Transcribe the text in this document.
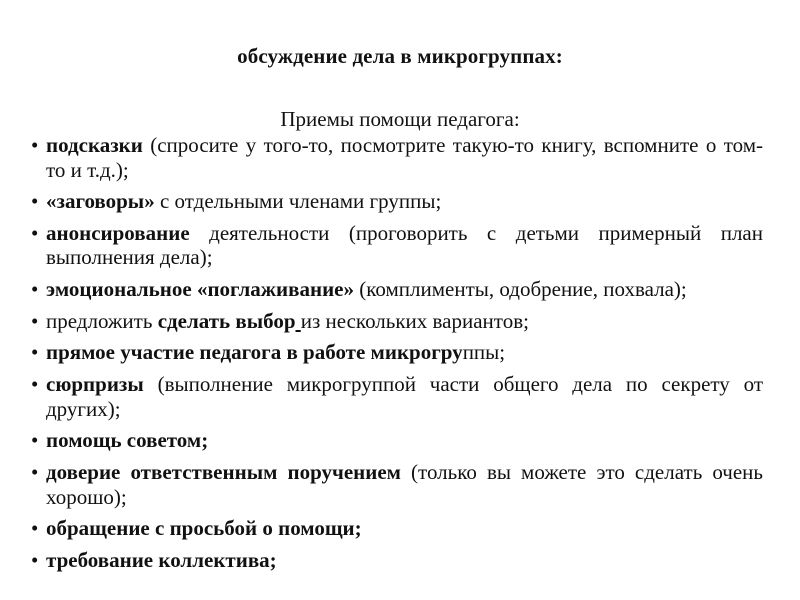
обсуждение дела в микрогруппах:
Приемы помощи педагога:
• подсказки (спросите у того-то, посмотрите такую-то книгу, вспомните о том-то и т.д.);
• «заговоры» с отдельными членами группы;
• анонсирование деятельности (проговорить с детьми примерный план выполнения дела);
• эмоциональное «поглаживание» (комплименты, одобрение, похвала);
• предложить сделать выбор из нескольких вариантов;
• прямое участие педагога в работе микрогруппы;
• сюрпризы (выполнение микрогруппой части общего дела по секрету от других);
• помощь советом;
• доверие ответственным поручением (только вы можете это сделать очень хорошо);
• обращение с просьбой о помощи;
• требование коллектива;
